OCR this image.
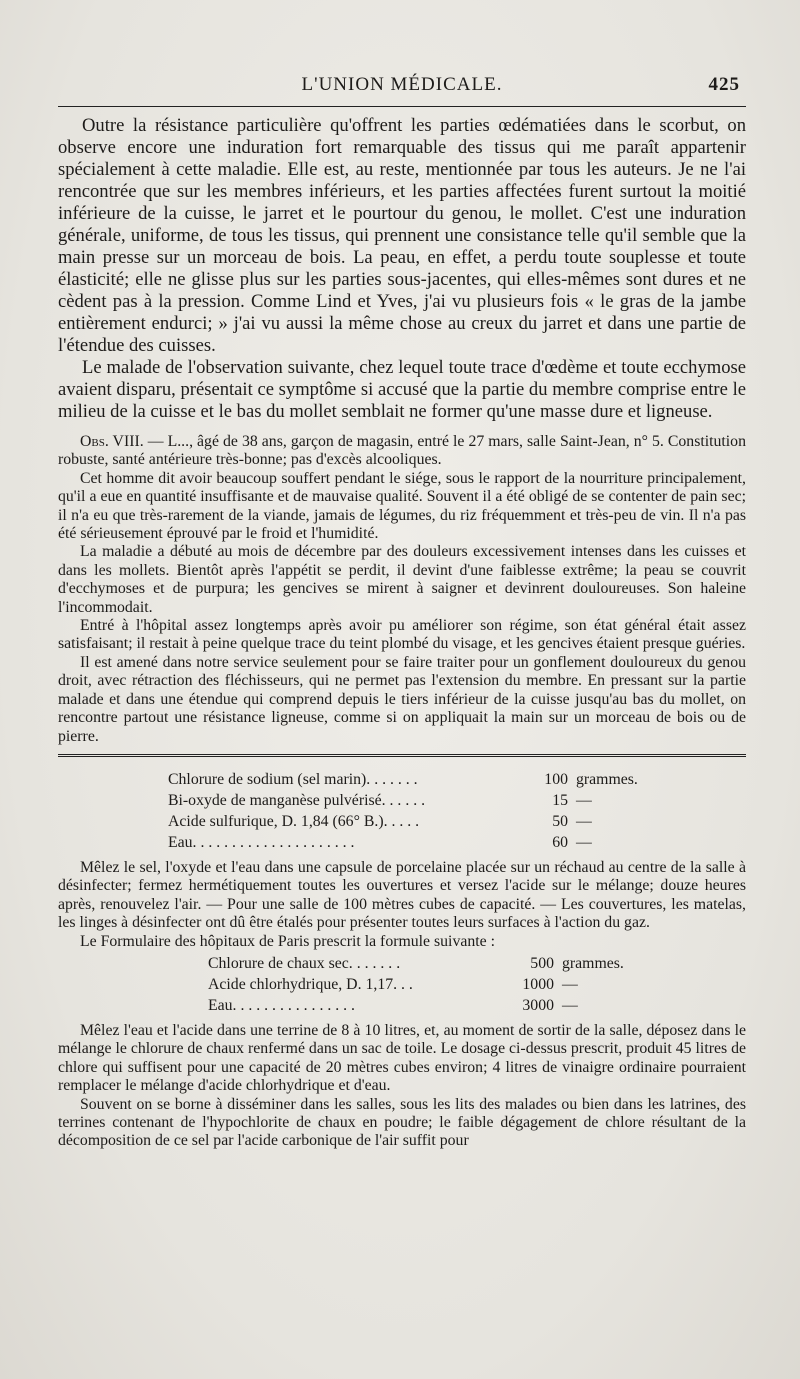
L'UNION MÉDICALE.	425

Outre la résistance particulière qu'offrent les parties œdématiées dans le scorbut, on observe encore une induration fort remarquable des tissus qui me paraît appartenir spécialement à cette maladie. Elle est, au reste, mentionnée par tous les auteurs. Je ne l'ai rencontrée que sur les membres inférieurs, et les parties affectées furent surtout la moitié inférieure de la cuisse, le jarret et le pourtour du genou, le mollet. C'est une induration générale, uniforme, de tous les tissus, qui prennent une consistance telle qu'il semble que la main presse sur un morceau de bois. La peau, en effet, a perdu toute souplesse et toute élasticité; elle ne glisse plus sur les parties sous-jacentes, qui elles-mêmes sont dures et ne cèdent pas à la pression. Comme Lind et Yves, j'ai vu plusieurs fois « le gras de la jambe entièrement endurci; » j'ai vu aussi la même chose au creux du jarret et dans une partie de l'étendue des cuisses.

Le malade de l'observation suivante, chez lequel toute trace d'œdème et toute ecchymose avaient disparu, présentait ce symptôme si accusé que la partie du membre comprise entre le milieu de la cuisse et le bas du mollet semblait ne former qu'une masse dure et ligneuse.

Obs. VIII. — L..., âgé de 38 ans, garçon de magasin, entré le 27 mars, salle Saint-Jean, n° 5. Constitution robuste, santé antérieure très-bonne; pas d'excès alcooliques.

Cet homme dit avoir beaucoup souffert pendant le siége, sous le rapport de la nourriture principalement, qu'il a eue en quantité insuffisante et de mauvaise qualité. Souvent il a été obligé de se contenter de pain sec; il n'a eu que très-rarement de la viande, jamais de légumes, du riz fréquemment et très-peu de vin. Il n'a pas été sérieusement éprouvé par le froid et l'humidité.

La maladie a débuté au mois de décembre par des douleurs excessivement intenses dans les cuisses et dans les mollets. Bientôt après l'appétit se perdit, il devint d'une faiblesse extrême; la peau se couvrit d'ecchymoses et de purpura; les gencives se mirent à saigner et devinrent douloureuses. Son haleine l'incommodait.

Entré à l'hôpital assez longtemps après avoir pu améliorer son régime, son état général était assez satisfaisant; il restait à peine quelque trace du teint plombé du visage, et les gencives étaient presque guéries.

Il est amené dans notre service seulement pour se faire traiter pour un gonflement douloureux du genou droit, avec rétraction des fléchisseurs, qui ne permet pas l'extension du membre. En pressant sur la partie malade et dans une étendue qui comprend depuis le tiers inférieur de la cuisse jusqu'au bas du mollet, on rencontre partout une résistance ligneuse, comme si on appliquait la main sur un morceau de bois ou de pierre.

Chlorure de sodium (sel marin). . . . . . .	100 grammes.
Bi-oxyde de manganèse pulvérisé. . . . . .	15 —
Acide sulfurique, D. 1,84 (66° B.). . . . .	50 —
Eau. . . . . . . . . . . . . . . . . . . . .	60 —

Mêlez le sel, l'oxyde et l'eau dans une capsule de porcelaine placée sur un réchaud au centre de la salle à désinfecter; fermez hermétiquement toutes les ouvertures et versez l'acide sur le mélange; douze heures après, renouvelez l'air. — Pour une salle de 100 mètres cubes de capacité. — Les couvertures, les matelas, les linges à désinfecter ont dû être étalés pour présenter toutes leurs surfaces à l'action du gaz.

Le Formulaire des hôpitaux de Paris prescrit la formule suivante :

Chlorure de chaux sec. . . . . . .	500 grammes.
Acide chlorhydrique, D. 1,17. . .	1000 —
Eau. . . . . . . . . . . . . . . .	3000 —

Mêlez l'eau et l'acide dans une terrine de 8 à 10 litres, et, au moment de sortir de la salle, déposez dans le mélange le chlorure de chaux renfermé dans un sac de toile. Le dosage ci-dessus prescrit, produit 45 litres de chlore qui suffisent pour une capacité de 20 mètres cubes environ; 4 litres de vinaigre ordinaire pourraient remplacer le mélange d'acide chlorhydrique et d'eau.

Souvent on se borne à disséminer dans les salles, sous les lits des malades ou bien dans les latrines, des terrines contenant de l'hypochlorite de chaux en poudre; le faible dégagement de chlore résultant de la décomposition de ce sel par l'acide carbonique de l'air suffit pour
